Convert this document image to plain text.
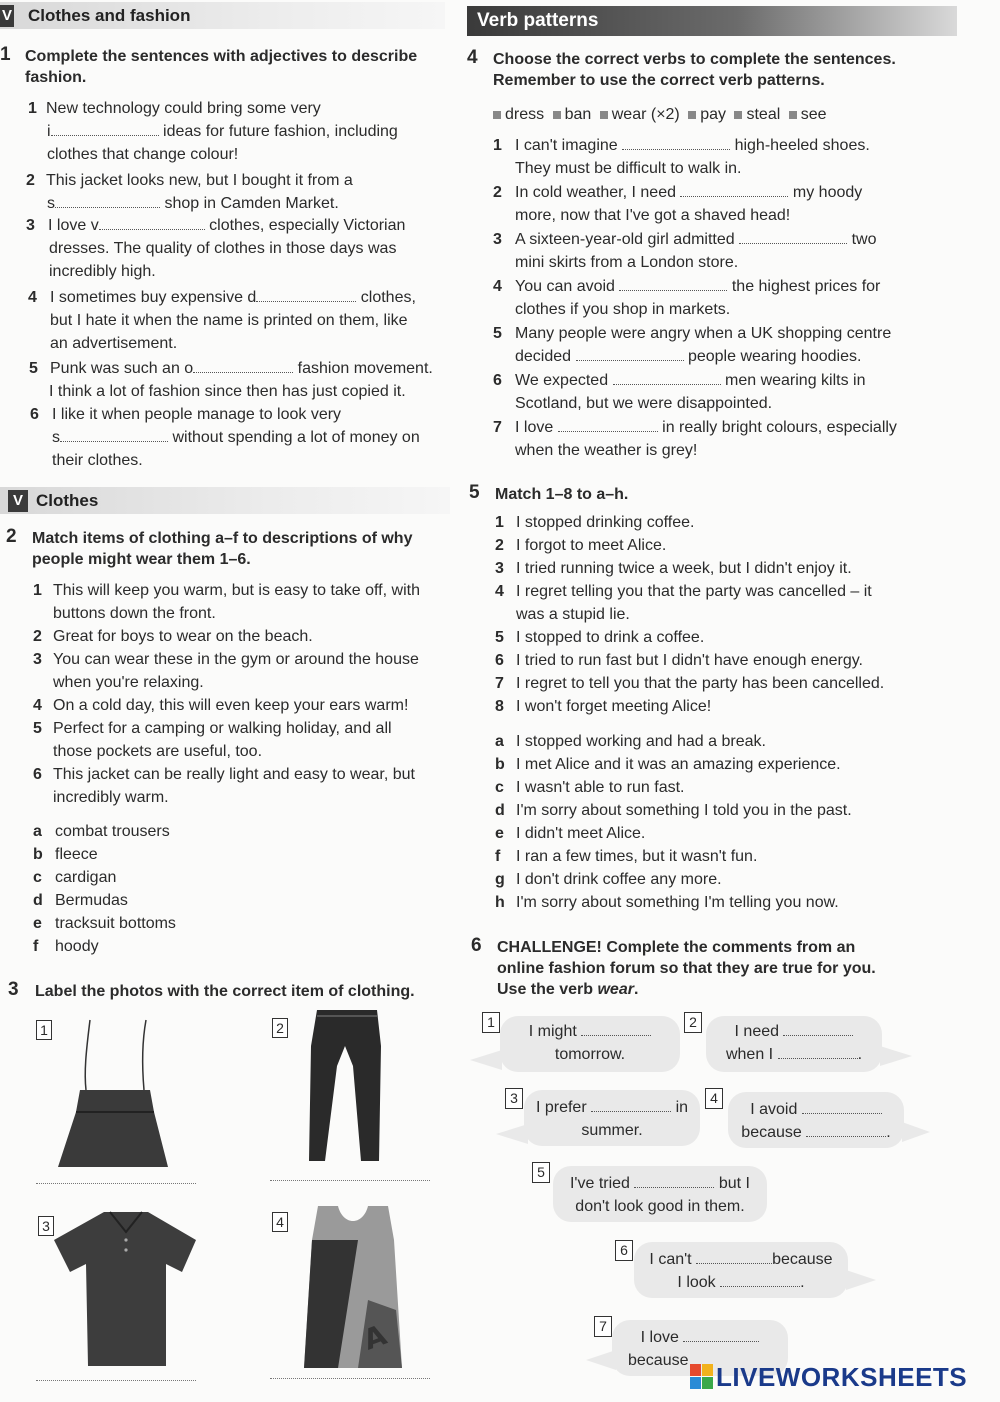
V Clothes and fashion
1 Complete the sentences with adjectives to describe
fashion.
1 New technology could bring some very
i	ideas for future fashion, including
clothes that change colour!
2 This jacket looks new, but I bought it from a
s	shop in Camden Market.
3 I love v	clothes, especially Victorian
dresses. The quality of clothes in those days was
incredibly high.
4 I sometimes buy expensive d	clothes,
but I hate it when the name is printed on them, like
an advertisement.
5 Punk was such an o	fashion movement.
I think a lot of fashion since then has just copied it.
6 I like it when people manage to look very
s	without spending a lot of money on
their clothes.
V Clothes
2 Match items of clothing a–f to descriptions of why
people might wear them 1–6.
1 This will keep you warm, but is easy to take off, with
buttons down the front.
2 Great for boys to wear on the beach.
3 You can wear these in the gym or around the house
when you're relaxing.
4 On a cold day, this will even keep your ears warm!
5 Perfect for a camping or walking holiday, and all
those pockets are useful, too.
6 This jacket can be really light and easy to wear, but
incredibly warm.
a combat trousers
b fleece
c cardigan
d Bermudas
e tracksuit bottoms
f hoody
3 Label the photos with the correct item of clothing.
1	2
3	4
A
Verb patterns
4 Choose the correct verbs to complete the sentences.
Remember to use the correct verb patterns.
dress ban wear (×2) pay steal see
1 I can't imagine	high-heeled shoes.
They must be difficult to walk in.
2 In cold weather, I need	my hoody
more, now that I've got a shaved head!
3 A sixteen-year-old girl admitted	two
mini skirts from a London store.
4 You can avoid	the highest prices for
clothes if you shop in markets.
5 Many people were angry when a UK shopping centre
decided	people wearing hoodies.
6 We expected	men wearing kilts in
Scotland, but we were disappointed.
7 I love	in really bright colours, especially
when the weather is grey!
5 Match 1–8 to a–h.
1 I stopped drinking coffee.
2 I forgot to meet Alice.
3 I tried running twice a week, but I didn't enjoy it.
4 I regret telling you that the party was cancelled – it
was a stupid lie.
5 I stopped to drink a coffee.
6 I tried to run fast but I didn't have enough energy.
7 I regret to tell you that the party has been cancelled.
8 I won't forget meeting Alice!
a I stopped working and had a break.
b I met Alice and it was an amazing experience.
c I wasn't able to run fast.
d I'm sorry about something I told you in the past.
e I didn't meet Alice.
f I ran a few times, but it wasn't fun.
g I don't drink coffee any more.
h I'm sorry about something I'm telling you now.
6 CHALLENGE! Complete the comments from an
online fashion forum so that they are true for you.
Use the verb wear.
1
I might
tomorrow.
2
I need
when I	.
3
I prefer	in
summer.
4
I avoid
because	.
5
I've tried	but I
don't look good in them.
6
I can't	because
I look	.
7
I love
because
LIVEWORKSHEETS
